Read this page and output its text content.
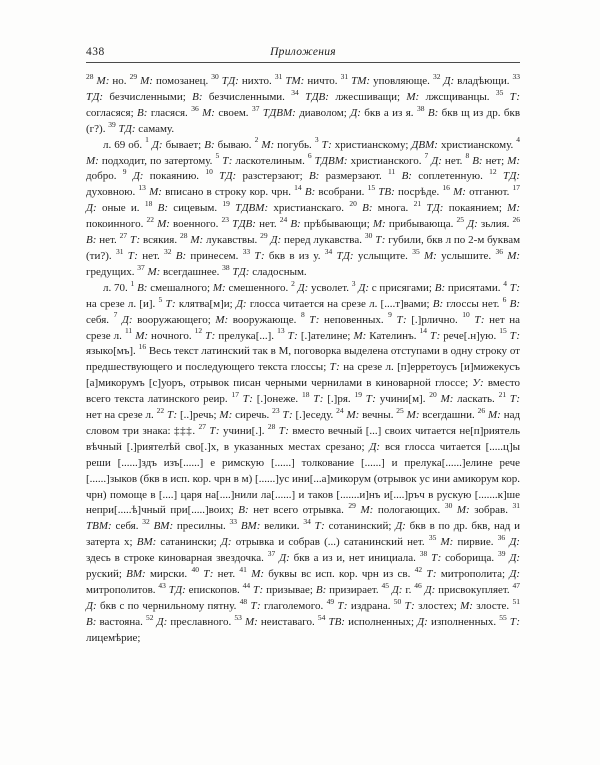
438	Приложения

$^{28}$ М: но. $^{29}$ М: помозанец. $^{30}$ ТД: нихто. $^{31}$ ТМ: ничто. $^{31}$ ТМ: уповляюще. $^{32}$ Д: владѣющи. $^{33}$ ТД: безчисленными; В: безчисленными. $^{34}$ ТДВ: лжесшиващи; М: лжсщиванцы. $^{35}$ Т: согласяся; В: гласяся. $^{36}$ М: своем. $^{37}$ ТДВМ: диаволом; Д: бкв а из я. $^{38}$ В: бкв щ из др. бкв (г?). $^{39}$ ТД: самаму.

л. 69 об. $^1$ Д: бывает; В: бываю. $^2$ М: погубь. $^3$ Т: христианскому; ДВМ: христианскому. $^4$ М: подходит, по затертому. $^5$ Т: ласкотелиным. $^6$ ТДВМ: христианского. $^7$ Д: нет. $^8$ В: нет; М: добро. $^9$ Д: покаянию. $^{10}$ ТД: разстерзают; В: размерзают. $^{11}$ В: соплетенную. $^{12}$ ТД: духовною. $^{13}$ М: вписано в строку кор. чрн. $^{14}$ В: всобрани. $^{15}$ ТВ: посрѣде. $^{16}$ М: отганют. $^{17}$ Д: оные и. $^{18}$ В: сицевым. $^{19}$ ТДВМ: христианскаго. $^{20}$ В: многа. $^{21}$ ТД: покаянием; М: покоинного. $^{22}$ М: военного. $^{23}$ ТДВ: нет. $^{24}$ В: прѣбывающи; М: прибывающа. $^{25}$ Д: зьлия. $^{26}$ В: нет. $^{27}$ Т: всякия. $^{28}$ М: лукавствы. $^{29}$ Д: перед лукавства. $^{30}$ Т: губили, бкв л по 2-м буквам (ти?). $^{31}$ Т: нет. $^{32}$ В: принесем. $^{33}$ Т: бкв в из у. $^{34}$ ТД: услыщите. $^{35}$ М: услышите. $^{36}$ М: гредущих. $^{37}$ М: всегдашнее. $^{38}$ ТД: сладосным.

л. 70. $^1$ В: смешалного; М: смешенного. $^2$ Д: усволет. $^3$ Д: с присягами; В: присятами. $^4$ Т: на срезе л. [и]. $^5$ Т: клятва[м]и; Д: глосса читается на срезе л. [....т]вами; В: глоссы нет. $^6$ В: себя. $^7$ Д: вооружающего; М: вооружающе. $^8$ Т: неповенных. $^9$ Т: [.]рлично. $^{10}$ Т: нет на срезе л. $^{11}$ М: ночного. $^{12}$ Т: прелука[...]. $^{13}$ Т: [.]ателине; М: Кателинъ. $^{14}$ Т: рече[.н]ую. $^{15}$ Т: языко[мъ]. $^{16}$ Весь текст латинский так в М, поговорка выделена отступами в одну строку от предшествующего и последующего текста глоссы; Т: на срезе л. [п]ерретоусъ [и]мижекусъ [а]микорумъ [с]уоръ, отрывок писан черными чернилами в киноварной глоссе; У: вместо всего текста латинского реир. $^{17}$ Т: [.]онеже. $^{18}$ Т: [.]ря. $^{19}$ Т: учини[м]. $^{20}$ М: ласкать. $^{21}$ Т: нет на срезе л. $^{22}$ Т: [..]речь; М: сиречь. $^{23}$ Т: [.]еседу. $^{24}$ М: вечны. $^{25}$ М: всегдашни. $^{26}$ М: над словом три знака: ‡‡‡. $^{27}$ Т: учини[.]. $^{28}$ Т: вместо вечный [...] своих читается не[п]риятель вѣчный [.]риятелѣй сво[.]х, в указанных местах срезано; Д: вся глосса читается [.....ц]ы реши [......]здъ изъ[......] е римскую [......] толкование [......] и прелука[......]елине рече [......]зыков (бкв в исп. кор. чрн в м) [......]ус ини[...а]микорум (отрывок ус ини амикорум кор. чрн) помоще в [....] царя на[....]нили ла[......] и таков [.......и]нъ и[....]ръч в рускую [.......к]ше непри[.....ѣ]чный при[.....]воих; В: нет всего отрывка. $^{29}$ М: пологающих. $^{30}$ М: зобрав. $^{31}$ ТВМ: себя. $^{32}$ ВМ: пресилны. $^{33}$ ВМ: велики. $^{34}$ Т: сотанинский; Д: бкв в по др. бкв, над и затерта х; ВМ: сатанински; Д: отрывка и собрав (...) сатанинский нет. $^{35}$ М: пирвие. $^{36}$ Д: здесь в строке киноварная звездочка. $^{37}$ Д: бкв а из и, нет инициала. $^{38}$ Т: соборища. $^{39}$ Д: руский; ВМ: мирски. $^{40}$ Т: нет. $^{41}$ М: буквы вс исп. кор. чрн из св. $^{42}$ Т: митрополита; Д: митрополитов. $^{43}$ ТД: епископов. $^{44}$ Т: призывае; В: призирает. $^{45}$ Д: г. $^{46}$ Д: присвокупляет. $^{47}$ Д: бкв с по чернильному пятну. $^{48}$ Т: глаголемого. $^{49}$ Т: издрана. $^{50}$ Т: злостех; М: злосте. $^{51}$ В: вастояна. $^{52}$ Д: преславного. $^{53}$ М: неиставаго. $^{54}$ ТВ: исполненных; Д: изполненных. $^{55}$ Т: лицемѣрие;
